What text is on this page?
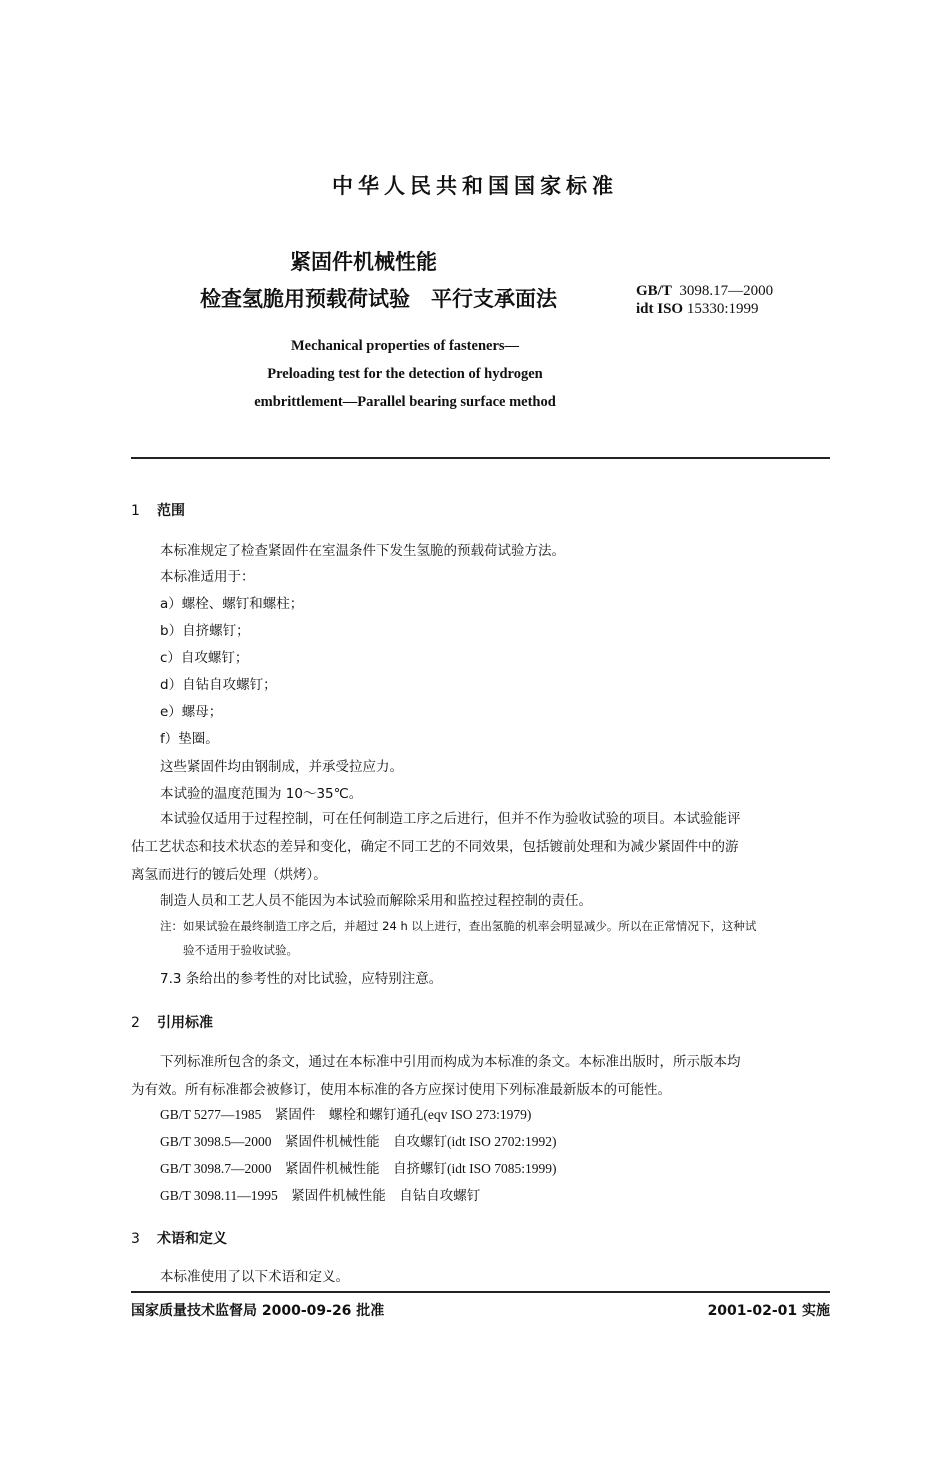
中华人民共和国国家标准
紧固件机械性能
检查氢脆用预载荷试验　平行支承面法	GB/T 3098.17—2000
idt ISO 15330:1999
Mechanical properties of fasteners—
Preloading test for the detection of hydrogen
embrittlement—Parallel bearing surface method
1 范围
本标准规定了检查紧固件在室温条件下发生氢脆的预载荷试验方法。
本标准适用于：
a）螺栓、螺钉和螺柱；
b）自挤螺钉；
c）自攻螺钉；
d）自钻自攻螺钉；
e）螺母；
f）垫圈。
这些紧固件均由钢制成，并承受拉应力。
本试验的温度范围为 10～35℃。
本试验仅适用于过程控制，可在任何制造工序之后进行，但并不作为验收试验的项目。本试验能评
估工艺状态和技术状态的差异和变化，确定不同工艺的不同效果，包括镀前处理和为减少紧固件中的游
离氢而进行的镀后处理（烘烤）。
制造人员和工艺人员不能因为本试验而解除采用和监控过程控制的责任。
注：如果试验在最终制造工序之后，并超过 24 h 以上进行，查出氢脆的机率会明显减少。所以在正常情况下，这种试
验不适用于验收试验。
7.3 条给出的参考性的对比试验，应特别注意。
2 引用标准
下列标准所包含的条文，通过在本标准中引用而构成为本标准的条文。本标准出版时，所示版本均
为有效。所有标准都会被修订，使用本标准的各方应探讨使用下列标准最新版本的可能性。
GB/T 5277—1985　紧固件　螺栓和螺钉通孔(eqv ISO 273:1979)
GB/T 3098.5—2000　紧固件机械性能　自攻螺钉(idt ISO 2702:1992)
GB/T 3098.7—2000　紧固件机械性能　自挤螺钉(idt ISO 7085:1999)
GB/T 3098.11—1995　紧固件机械性能　自钻自攻螺钉
3 术语和定义
本标准使用了以下术语和定义。
国家质量技术监督局 2000-09-26 批准	2001-02-01 实施
